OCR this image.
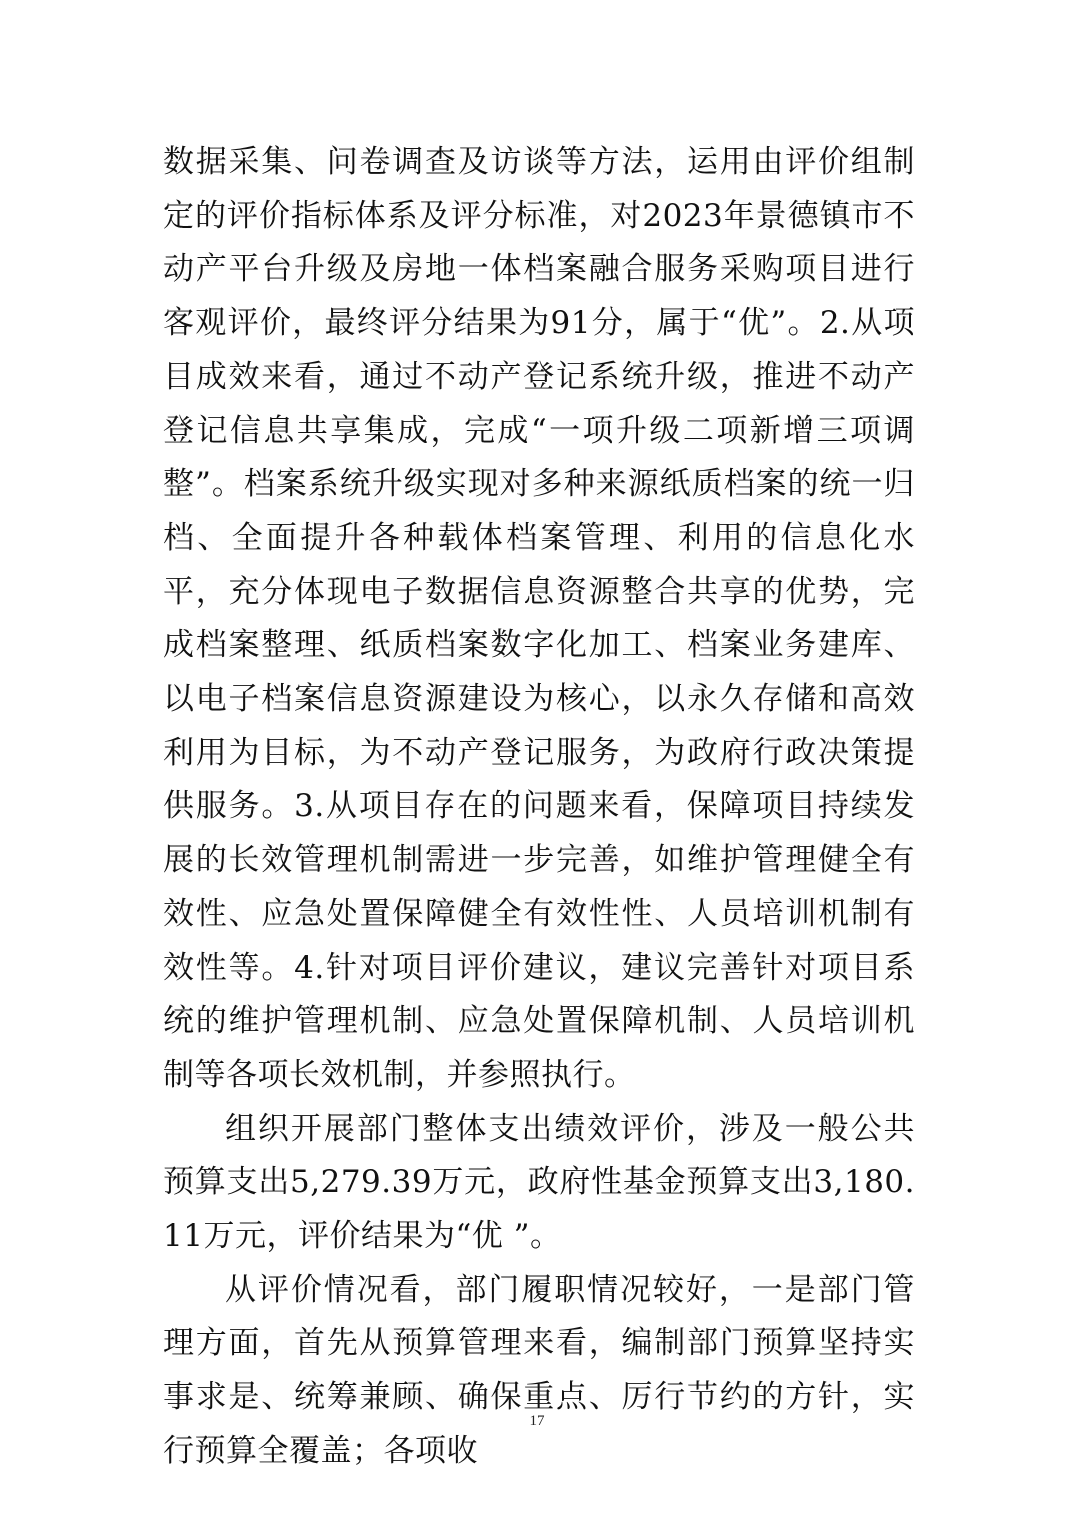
数据采集、问卷调查及访谈等方法，运用由评价组制定的评价指标体系及评分标准，对2023年景德镇市不动产平台升级及房地一体档案融合服务采购项目进行客观评价，最终评分结果为91分，属于“优”。2.从项目成效来看，通过不动产登记系统升级，推进不动产登记信息共享集成，完成“一项升级二项新增三项调整”。档案系统升级实现对多种来源纸质档案的统一归档、全面提升各种载体档案管理、利用的信息化水平，充分体现电子数据信息资源整合共享的优势，完成档案整理、纸质档案数字化加工、档案业务建库、以电子档案信息资源建设为核心，以永久存储和高效利用为目标，为不动产登记服务，为政府行政决策提供服务。3.从项目存在的问题来看，保障项目持续发展的长效管理机制需进一步完善，如维护管理健全有效性、应急处置保障健全有效性性、人员培训机制有效性等。4.针对项目评价建议，建议完善针对项目系统的维护管理机制、应急处置保障机制、人员培训机制等各项长效机制，并参照执行。

组织开展部门整体支出绩效评价，涉及一般公共预算支出5,279.39万元，政府性基金预算支出3,180.11万元，评价结果为“优 ”。

从评价情况看，部门履职情况较好，一是部门管理方面，首先从预算管理来看，编制部门预算坚持实事求是、统筹兼顾、确保重点、厉行节约的方针，实行预算全覆盖；各项收

17
